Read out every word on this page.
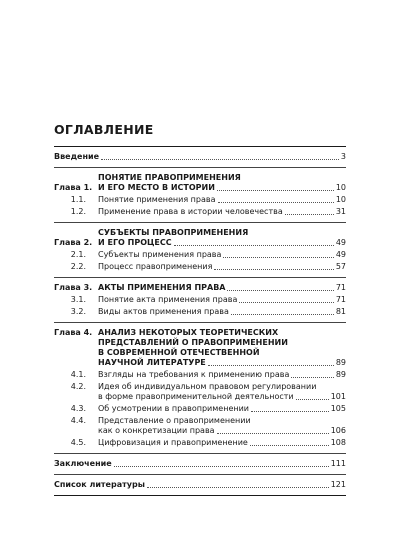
ОГЛАВЛЕНИЕ
Введение	3
Глава 1.
ПОНЯТИЕ ПРАВОПРИМЕНЕНИЯ
И ЕГО МЕСТО В ИСТОРИИ	10
1.1.	Понятие применения права	10
1.2.	Применение права в истории человечества	31
Глава 2.
СУБЪЕКТЫ ПРАВОПРИМЕНЕНИЯ
И ЕГО ПРОЦЕСС	49
2.1.	Субъекты применения права	49
2.2.	Процесс правоприменения	57
Глава 3. АКТЫ ПРИМЕНЕНИЯ ПРАВА	71
3.1.	Понятие акта применения права	71
3.2.	Виды актов применения права	81
Глава 4. АНАЛИЗ НЕКОТОРЫХ ТЕОРЕТИЧЕСКИХ
ПРЕДСТАВЛЕНИЙ О ПРАВОПРИМЕНЕНИИ
В СОВРЕМЕННОЙ ОТЕЧЕСТВЕННОЙ
НАУЧНОЙ ЛИТЕРАТУРЕ	89
4.1.	Взгляды на требования к применению права	89
4.2.	Идея об индивидуальном правовом регулировании
в форме правоприменительной деятельности	101
4.3.	Об усмотрении в правоприменении	105
4.4.	Представление о правоприменении
как о конкретизации права	106
4.5.	Цифровизация и правоприменение	108
Заключение	111
Список литературы	121
